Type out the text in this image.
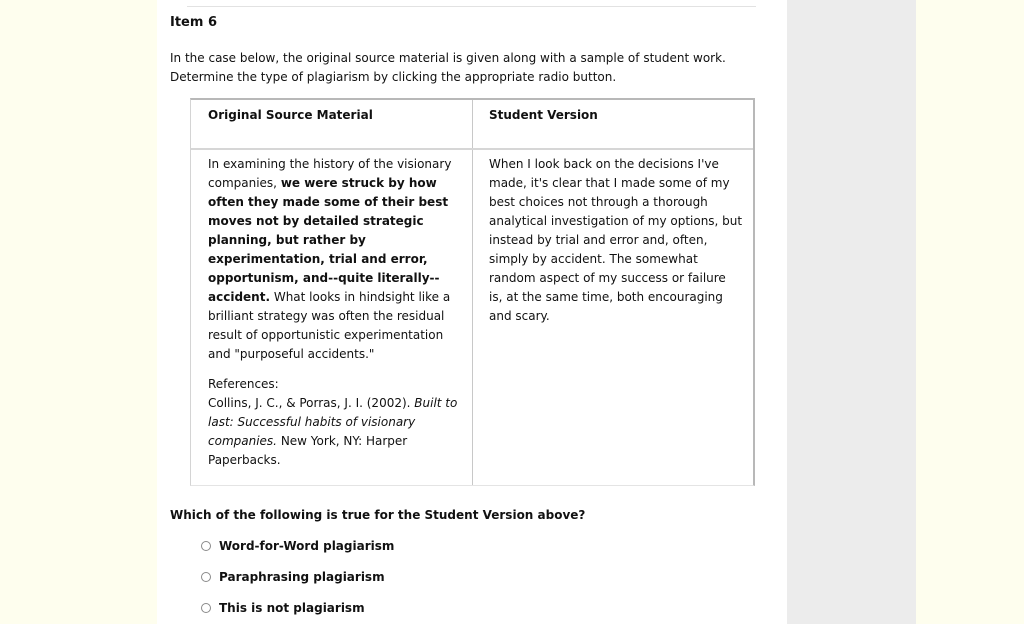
Item 6

In the case below, the original source material is given along with a sample of student work.
Determine the type of plagiarism by clicking the appropriate radio button.

Original Source Material	Student Version
In examining the history of the visionary companies, we were struck by how often they made some of their best moves not by detailed strategic planning, but rather by experimentation, trial and error, opportunism, and--quite literally--accident. What looks in hindsight like a brilliant strategy was often the residual result of opportunistic experimentation and "purposeful accidents."
References:
Collins, J. C., & Porras, J. I. (2002). Built to last: Successful habits of visionary companies. New York, NY: Harper Paperbacks.
When I look back on the decisions I've made, it's clear that I made some of my best choices not through a thorough analytical investigation of my options, but instead by trial and error and, often, simply by accident. The somewhat random aspect of my success or failure is, at the same time, both encouraging and scary.
Which of the following is true for the Student Version above?
Word-for-Word plagiarism
Paraphrasing plagiarism
This is not plagiarism
